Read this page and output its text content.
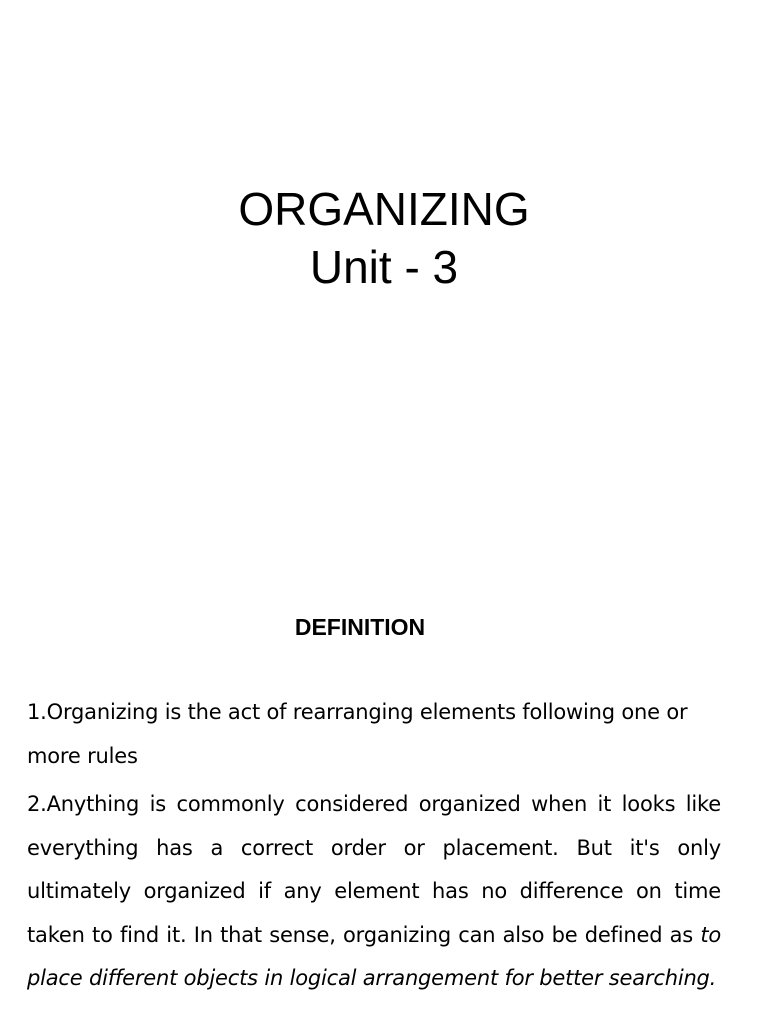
ORGANIZING
Unit - 3
DEFINITION

1.Organizing is the act of rearranging elements following one or more rules

2.Anything is commonly considered organized when it looks like everything has a correct order or placement. But it's only ultimately organized if any element has no difference on time taken to find it. In that sense, organizing can also be defined as to place different objects in logical arrangement for better searching.
